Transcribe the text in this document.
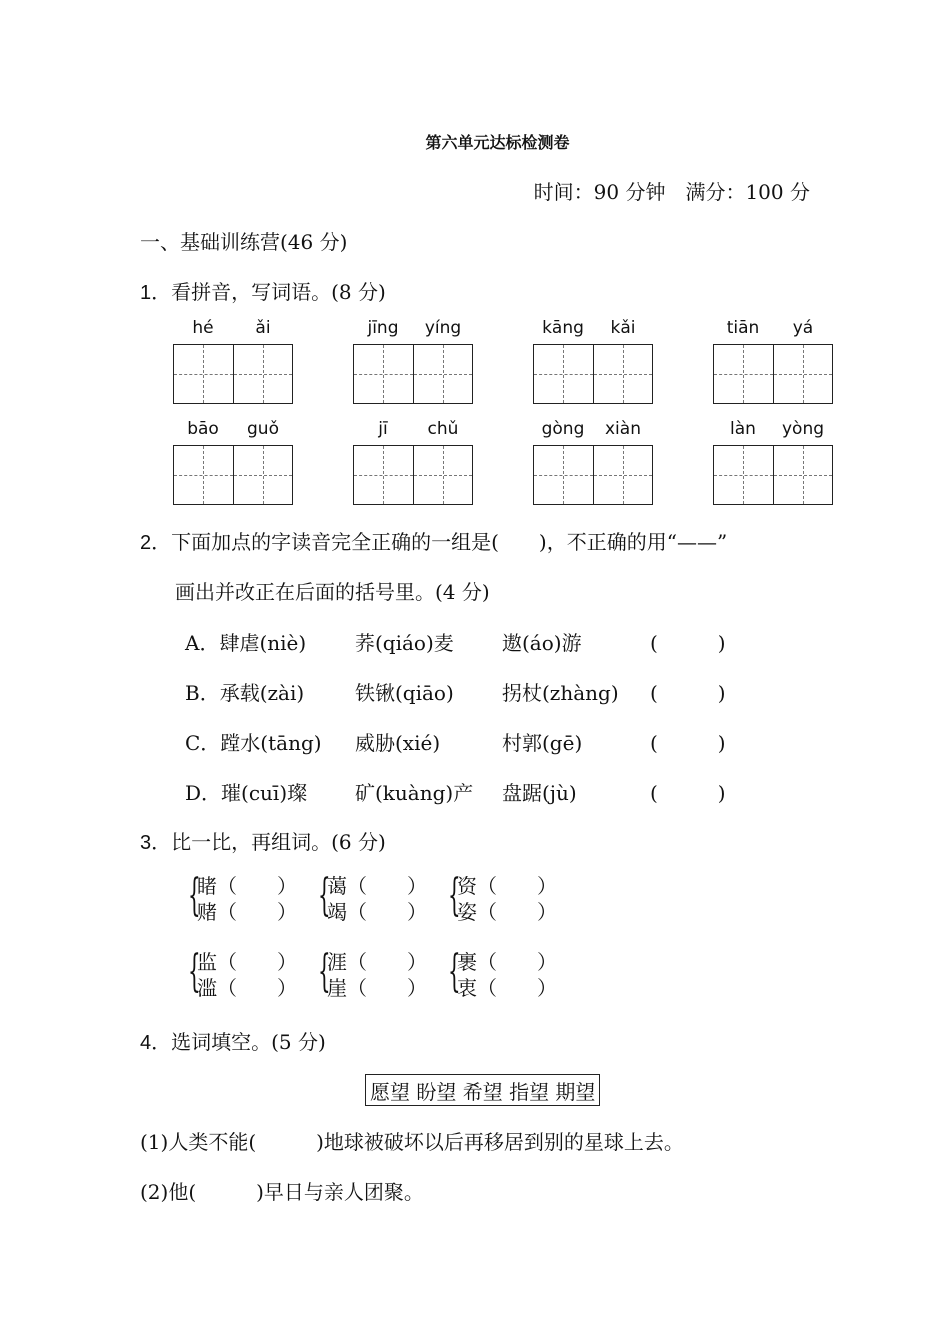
第六单元达标检测卷
时间：90 分钟　满分：100 分
一、基础训练营(46 分)
1．看拼音，写词语。(8 分)
hé	ǎi	jīng	yíng	kāng	kǎi	tiān	yá
bāo	guǒ	jī	chǔ	gòng	xiàn	làn	yòng
2．下面加点的字读音完全正确的一组是(　　)，不正确的用“——”
画出并改正在后面的括号里。(4 分)
A．肆虐(niè) 荞(qiáo)麦 遨(áo)游	(　　　)
B．承载(zài)	铁锹(qiāo) 拐杖(zhàng) (　　　)
C．蹚水(tāng) 威胁(xié)	村郭(gē)	(　　　)
D．璀(cuī)璨 矿(kuàng)产 盘踞(jù)	(　　　)
3．比一比，再组词。(6 分)
{
睹（　　）
赌（　　） {
蔼（　　）
竭（　　） {
资（　　）
姿（　　）
{
监（　　）
滥（　　） {
涯（　　）
崖（　　） {
裹（　　）
衷（　　）
4．选词填空。(5 分)
愿望 盼望 希望 指望 期望
(1)人类不能(　　　)地球被破坏以后再移居到别的星球上去。
(2)他(　　　)早日与亲人团聚。
